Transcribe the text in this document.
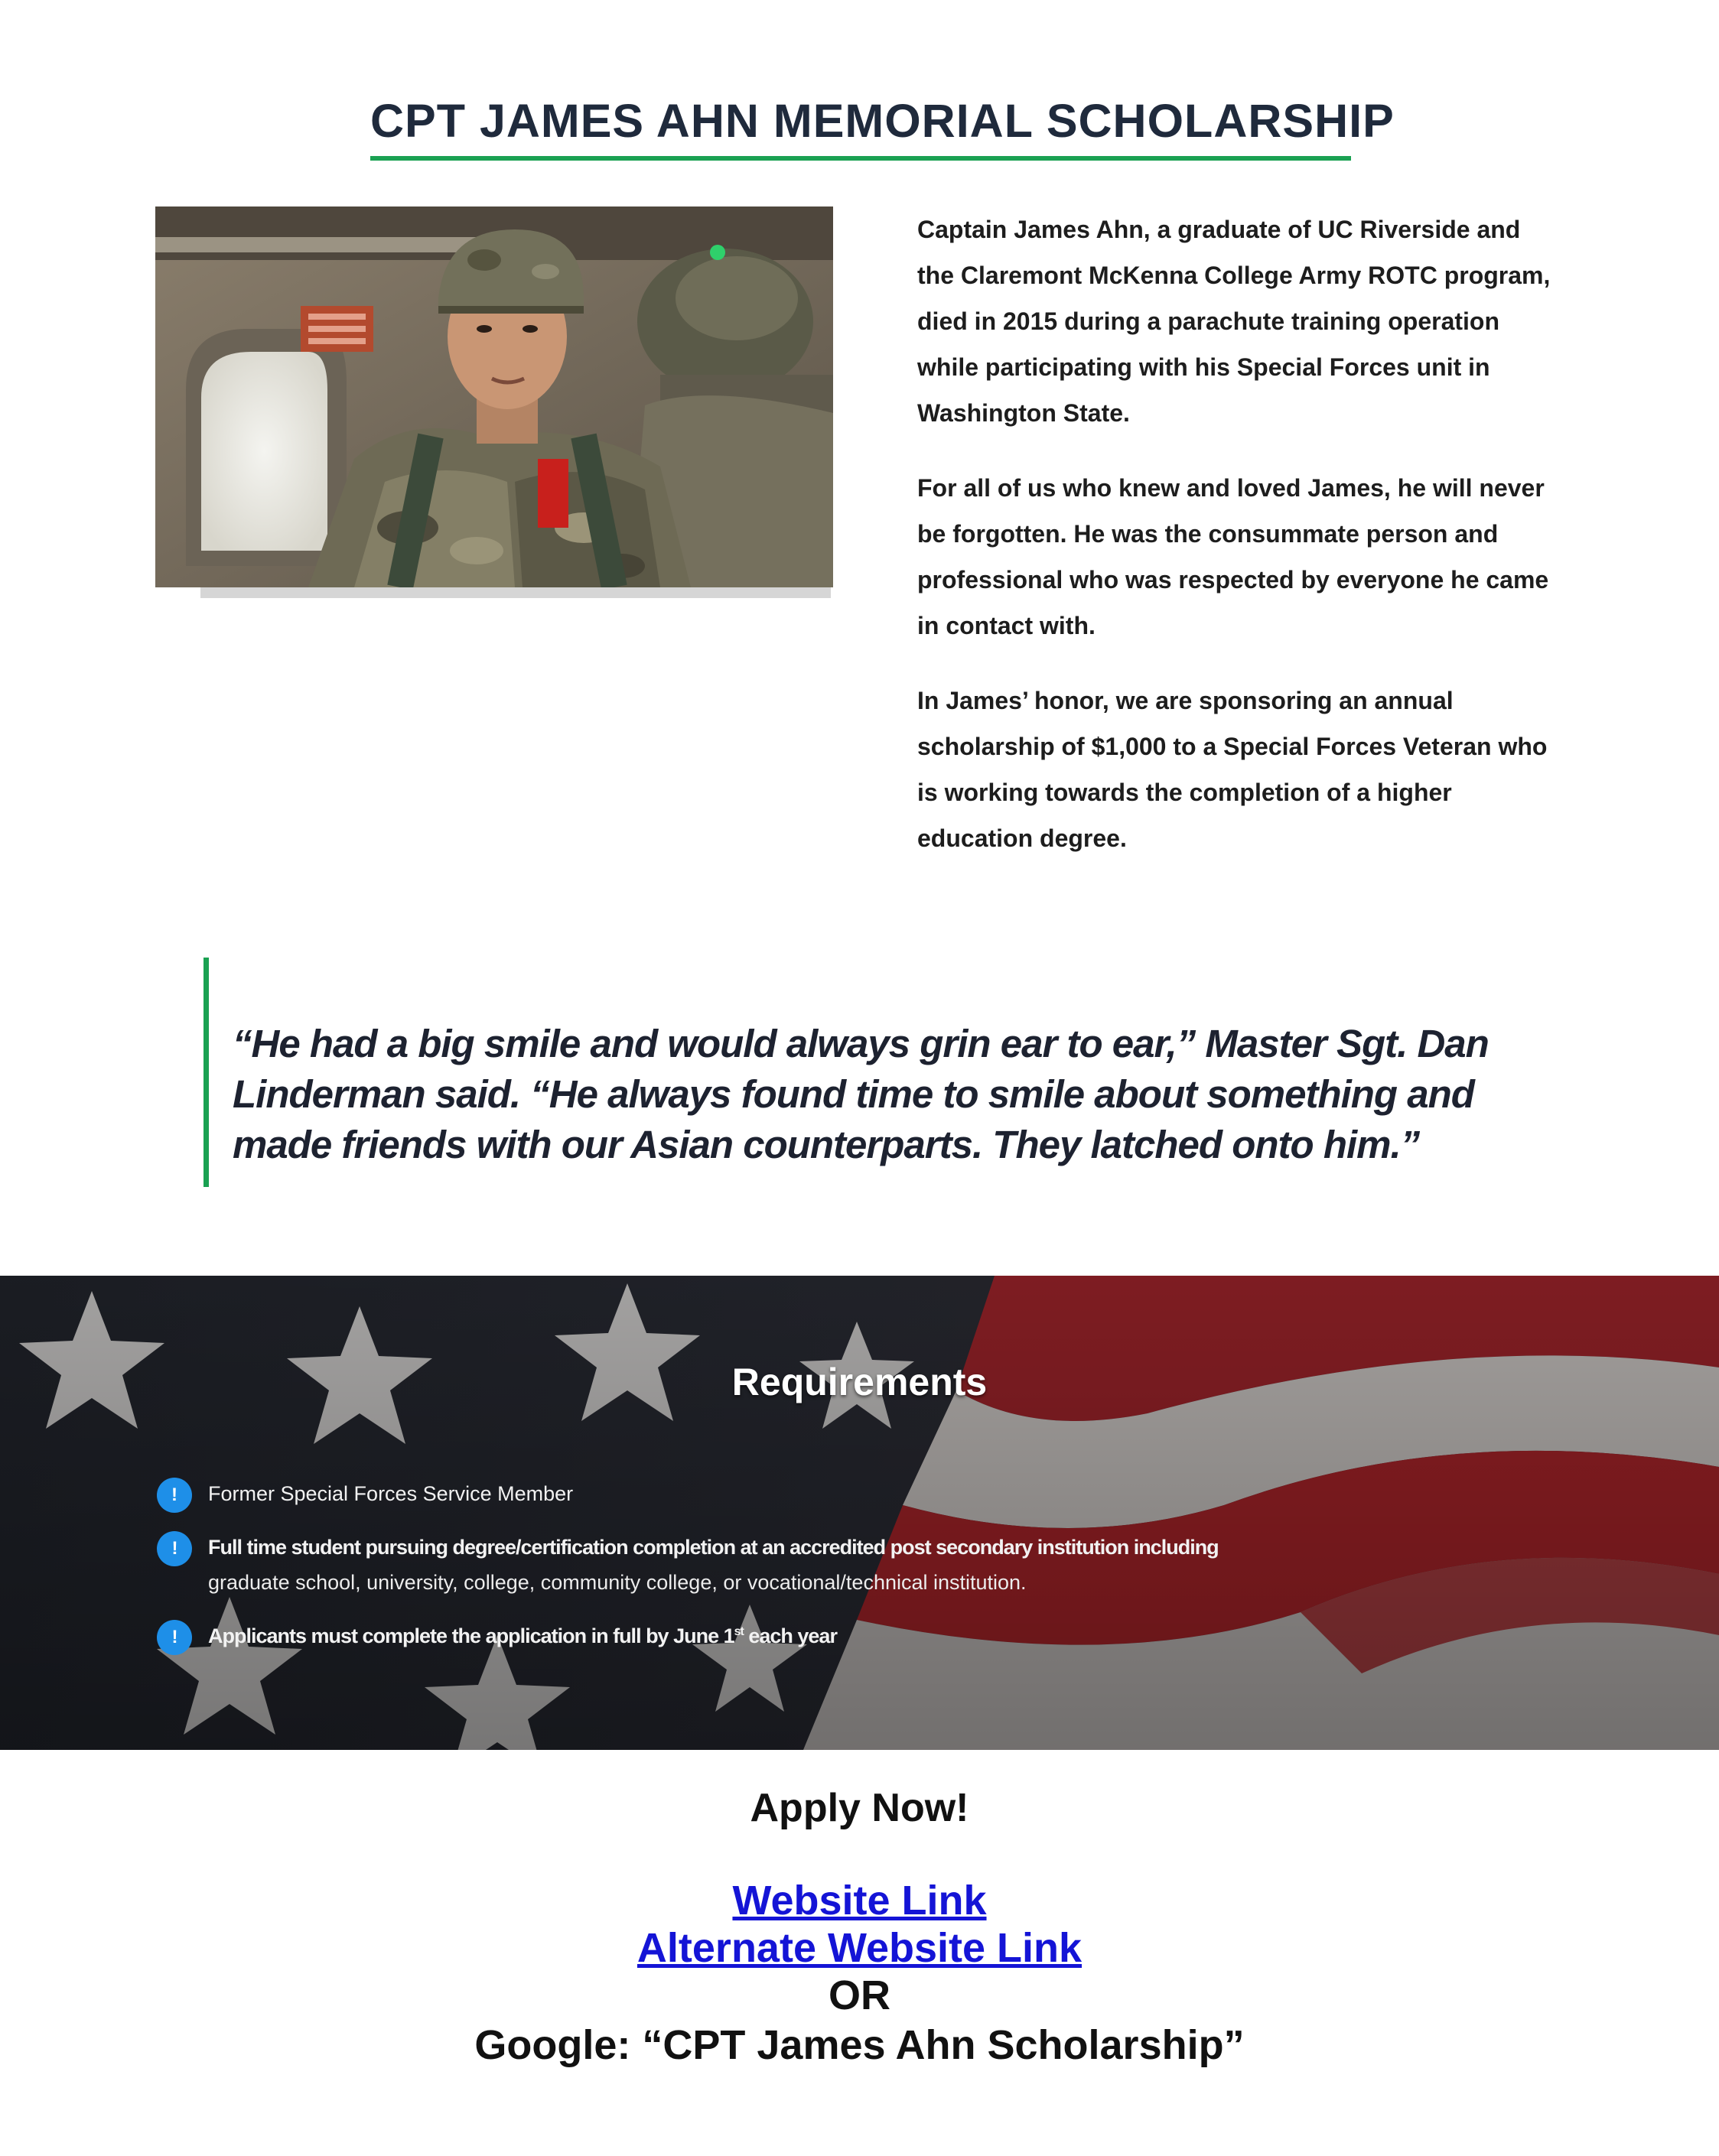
CPT JAMES AHN MEMORIAL SCHOLARSHIP

Captain James Ahn, a graduate of UC Riverside and the Claremont McKenna College Army ROTC program, died in 2015 during a parachute training operation while participating with his Special Forces unit in Washington State.

For all of us who knew and loved James, he will never be forgotten. He was the consummate person and professional who was respected by everyone he came in contact with.

In James’ honor, we are sponsoring an annual scholarship of $1,000 to a Special Forces Veteran who is working towards the completion of a higher education degree.

“He had a big smile and would always grin ear to ear,” Master Sgt. Dan Linderman said. “He always found time to smile about something and made friends with our Asian counterparts. They latched onto him.”
Requirements
!	Former Special Forces Service Member
!	Full time student pursuing degree/certification completion at an accredited post secondary institution including
graduate school, university, college, community college, or vocational/technical institution.
!	Applicants must complete the application in full by June 1st each year
Apply Now!
Website Link
Alternate Website Link
OR
Google: “CPT James Ahn Scholarship”
